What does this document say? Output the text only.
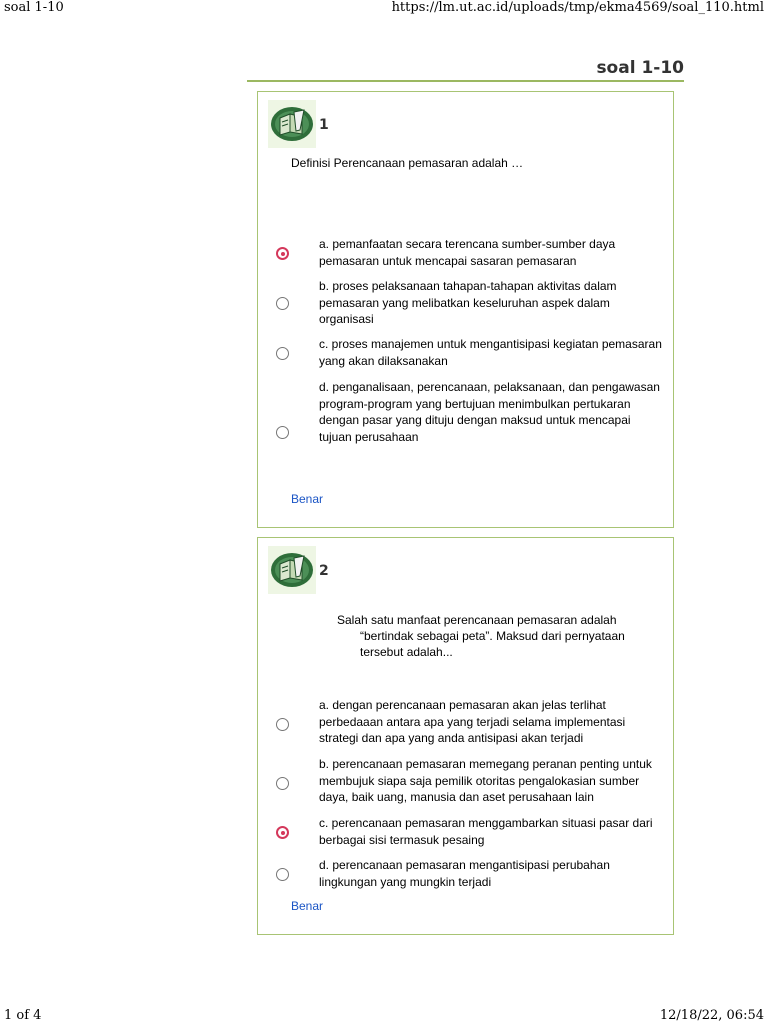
soal 1-10	https://lm.ut.ac.id/uploads/tmp/ekma4569/soal_110.html
soal 1-10
1
Definisi Perencanaan pemasaran adalah …
a. pemanfaatan secara terencana sumber-sumber daya pemasaran untuk mencapai sasaran pemasaran
b. proses pelaksanaan tahapan-tahapan aktivitas dalam pemasaran yang melibatkan keseluruhan aspek dalam organisasi
c. proses manajemen untuk mengantisipasi kegiatan pemasaran yang akan dilaksanakan
d. penganalisaan, perencanaan, pelaksanaan, dan pengawasan program-program yang bertujuan menimbulkan pertukaran dengan pasar yang dituju dengan maksud untuk mencapai tujuan perusahaan
Benar
2
Salah satu manfaat perencanaan pemasaran adalah
“bertindak sebagai peta”. Maksud dari pernyataan tersebut adalah...
a. dengan perencanaan pemasaran akan jelas terlihat perbedaaan antara apa yang terjadi selama implementasi strategi dan apa yang anda antisipasi akan terjadi
b. perencanaan pemasaran memegang peranan penting untuk membujuk siapa saja pemilik otoritas pengalokasian sumber daya, baik uang, manusia dan aset perusahaan lain
c. perencanaan pemasaran menggambarkan situasi pasar dari berbagai sisi termasuk pesaing
d. perencanaan pemasaran mengantisipasi perubahan lingkungan yang mungkin terjadi
Benar
1 of 4	12/18/22, 06:54
